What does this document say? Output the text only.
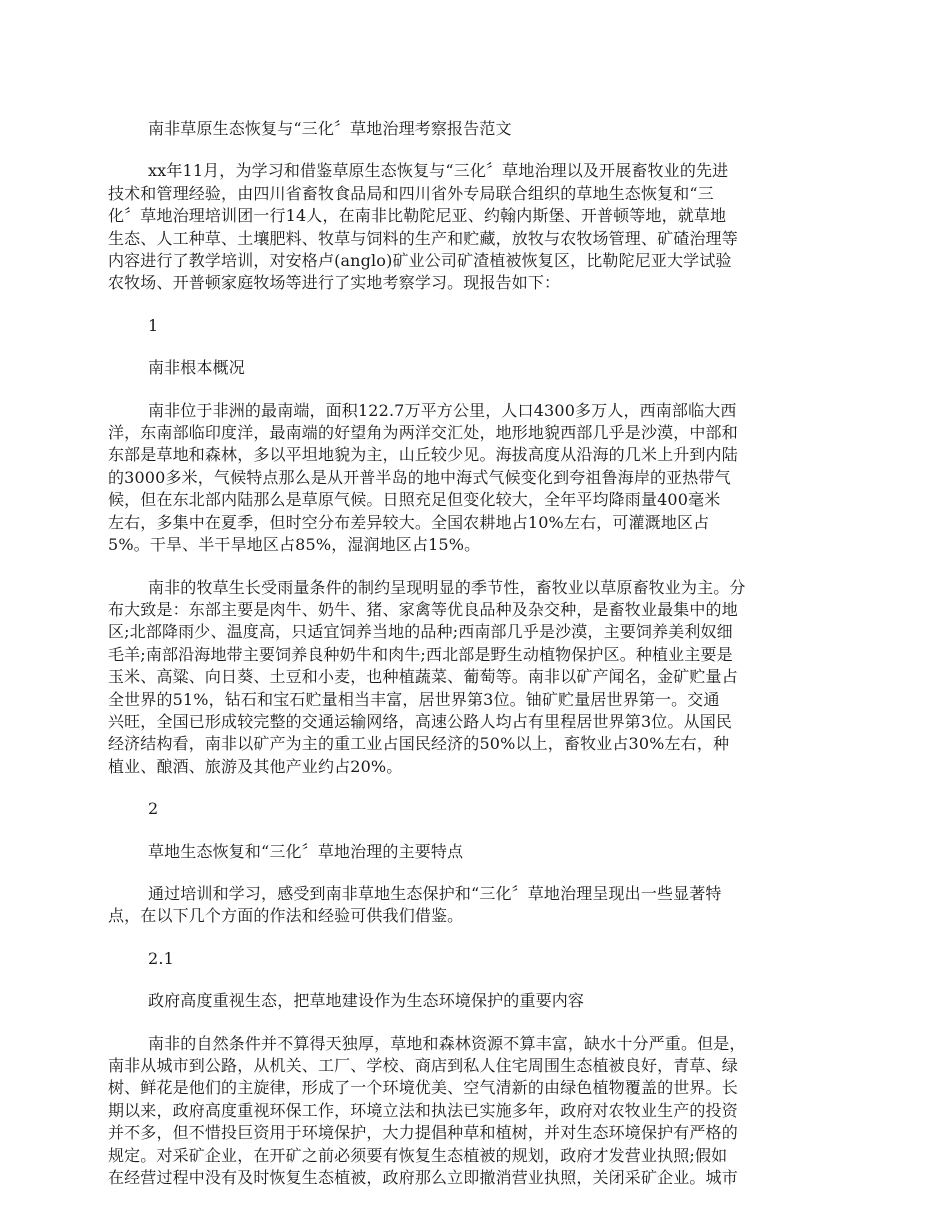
南非草原生态恢复与“三化〞草地治理考察报告范文
xx年11月，为学习和借鉴草原生态恢复与“三化〞草地治理以及开展畜牧业的先进
技术和管理经验，由四川省畜牧食品局和四川省外专局联合组织的草地生态恢复和“三
化〞草地治理培训团一行14人，在南非比勒陀尼亚、约翰内斯堡、开普顿等地，就草地
生态、人工种草、土壤肥料、牧草与饲料的生产和贮藏，放牧与农牧场管理、矿碴治理等
内容进行了教学培训，对安格卢(anglo)矿业公司矿渣植被恢复区，比勒陀尼亚大学试验
农牧场、开普顿家庭牧场等进行了实地考察学习。现报告如下：
1
南非根本概况
南非位于非洲的最南端，面积122.7万平方公里，人口4300多万人，西南部临大西
洋，东南部临印度洋，最南端的好望角为两洋交汇处，地形地貌西部几乎是沙漠，中部和
东部是草地和森林，多以平坦地貌为主，山丘较少见。海拔高度从沿海的几米上升到内陆
的3000多米，气候特点那么是从开普半岛的地中海式气候变化到夸祖鲁海岸的亚热带气
候，但在东北部内陆那么是草原气候。日照充足但变化较大，全年平均降雨量400毫米
左右，多集中在夏季，但时空分布差异较大。全国农耕地占10%左右，可灌溉地区占
5%。干旱、半干旱地区占85%，湿润地区占15%。
南非的牧草生长受雨量条件的制约呈现明显的季节性，畜牧业以草原畜牧业为主。分
布大致是：东部主要是肉牛、奶牛、猪、家禽等优良品种及杂交种，是畜牧业最集中的地
区;北部降雨少、温度高，只适宜饲养当地的品种;西南部几乎是沙漠，主要饲养美利奴细
毛羊;南部沿海地带主要饲养良种奶牛和肉牛;西北部是野生动植物保护区。种植业主要是
玉米、高粱、向日葵、土豆和小麦，也种植蔬菜、葡萄等。南非以矿产闻名，金矿贮量占
全世界的51%，钻石和宝石贮量相当丰富，居世界第3位。铀矿贮量居世界第一。交通
兴旺，全国已形成较完整的交通运输网络，高速公路人均占有里程居世界第3位。从国民
经济结构看，南非以矿产为主的重工业占国民经济的50%以上，畜牧业占30%左右，种
植业、酿酒、旅游及其他产业约占20%。
2
草地生态恢复和“三化〞草地治理的主要特点
通过培训和学习，感受到南非草地生态保护和“三化〞草地治理呈现出一些显著特
点，在以下几个方面的作法和经验可供我们借鉴。
2.1
政府高度重视生态，把草地建设作为生态环境保护的重要内容
南非的自然条件并不算得天独厚，草地和森林资源不算丰富，缺水十分严重。但是，
南非从城市到公路，从机关、工厂、学校、商店到私人住宅周围生态植被良好，青草、绿
树、鲜花是他们的主旋律，形成了一个环境优美、空气清新的由绿色植物覆盖的世界。长
期以来，政府高度重视环保工作，环境立法和执法已实施多年，政府对农牧业生产的投资
并不多，但不惜投巨资用于环境保护，大力提倡种草和植树，并对生态环境保护有严格的
规定。对采矿企业，在开矿之前必须要有恢复生态植被的规划，政府才发营业执照;假如
在经营过程中没有及时恢复生态植被，政府那么立即撤消营业执照，关闭采矿企业。城市
